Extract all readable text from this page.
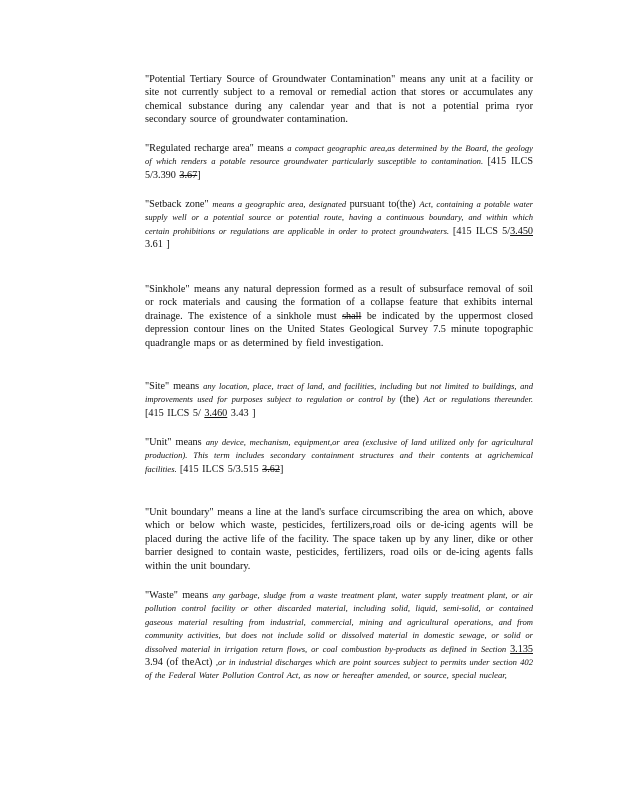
"Potential Tertiary Source of Groundwater Contamination" means any unit at a facility or site not currently subject to a removal or remedial action that stores or accumulates any chemical substance during any calendar year and that is not a potential prima ryor secondary source of groundwater contamination.

"Regulated recharge area" means a compact geographic area,as determined by the Board, the geology of which renders a potable resource groundwater particularly susceptible to contamination. [415 ILCS 5/3.390 3.67]

"Setback zone" means a geographic area, designated pursuant to(the) Act, containing a potable water supply well or a potential source or potential route, having a continuous boundary, and within which certain prohibitions or regulations are applicable in order to protect groundwaters. [415 ILCS 5/3.450 3.61 ]

"Sinkhole" means any natural depression formed as a result of subsurface removal of soil or rock materials and causing the formation of a collapse feature that exhibits internal drainage. The existence of a sinkhole must shall be indicated by the uppermost closed depression contour lines on the United States Geological Survey 7.5 minute topographic quadrangle maps or as determined by field investigation.

"Site" means any location, place, tract of land, and facilities, including but not limited to buildings, and improvements used for purposes subject to regulation or control by (the) Act or regulations thereunder. [415 ILCS 5/ 3.460 3.43 ]

"Unit" means any device, mechanism, equipment,or area (exclusive of land utilized only for agricultural production). This term includes secondary containment structures and their contents at agrichemical facilities. [415 ILCS 5/3.515 3.62]

"Unit boundary" means a line at the land's surface circumscribing the area on which, above which or below which waste, pesticides, fertilizers,road oils or de-icing agents will be placed during the active life of the facility. The space taken up by any liner, dike or other barrier designed to contain waste, pesticides, fertilizers, road oils or de-icing agents falls within the unit boundary.

"Waste" means any garbage, sludge from a waste treatment plant, water supply treatment plant, or air pollution control facility or other discarded material, including solid, liquid, semi-solid, or contained gaseous material resulting from industrial, commercial, mining and agricultural operations, and from community activities, but does not include solid or dissolved material in domestic sewage, or solid or dissolved material in irrigation return flows, or coal combustion by-products as defined in Section 3.135 3.94 (of theAct) ,or in industrial discharges which are point sources subject to permits under section 402 of the Federal Water Pollution Control Act, as now or hereafter amended, or source, special nuclear,
